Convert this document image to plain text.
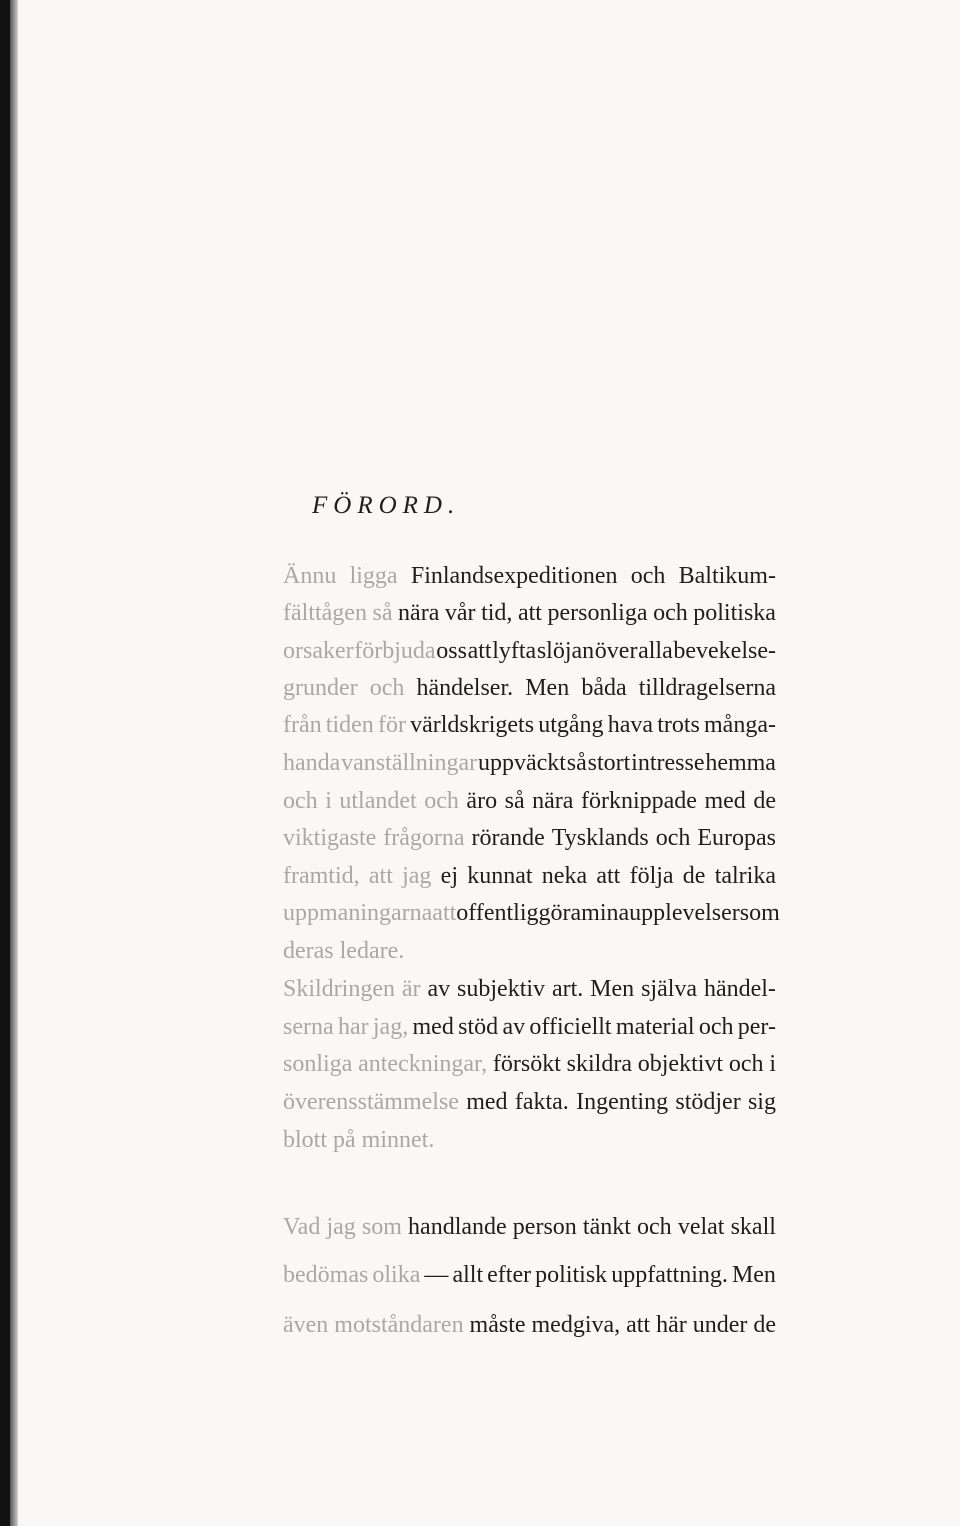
FÖRORD.
Ännu ligga Finlandsexpeditionen och Baltikum-
fälttågen så nära vår tid, att personliga och politiska
orsaker förbjuda oss att lyfta slöjan över alla bevekelse-
grunder och händelser. Men båda tilldragelserna
från tiden för världskrigets utgång hava trots många-
handa vanställningar uppväckt så stort intresse hemma
och i utlandet och äro så nära förknippade med de
viktigaste frågorna rörande Tysklands och Europas
framtid, att jag ej kunnat neka att följa de talrika
uppmaningarna att offentliggöra mina upplevelser som
deras ledare.
Skildringen är av subjektiv art. Men själva händel-
serna har jag, med stöd av officiellt material och per-
sonliga anteckningar, försökt skildra objektivt och i
överensstämmelse med fakta. Ingenting stödjer sig
blott på minnet.
Vad jag som handlande person tänkt och velat skall
bedömas olika — allt efter politisk uppfattning. Men
även motståndaren måste medgiva, att här under de
